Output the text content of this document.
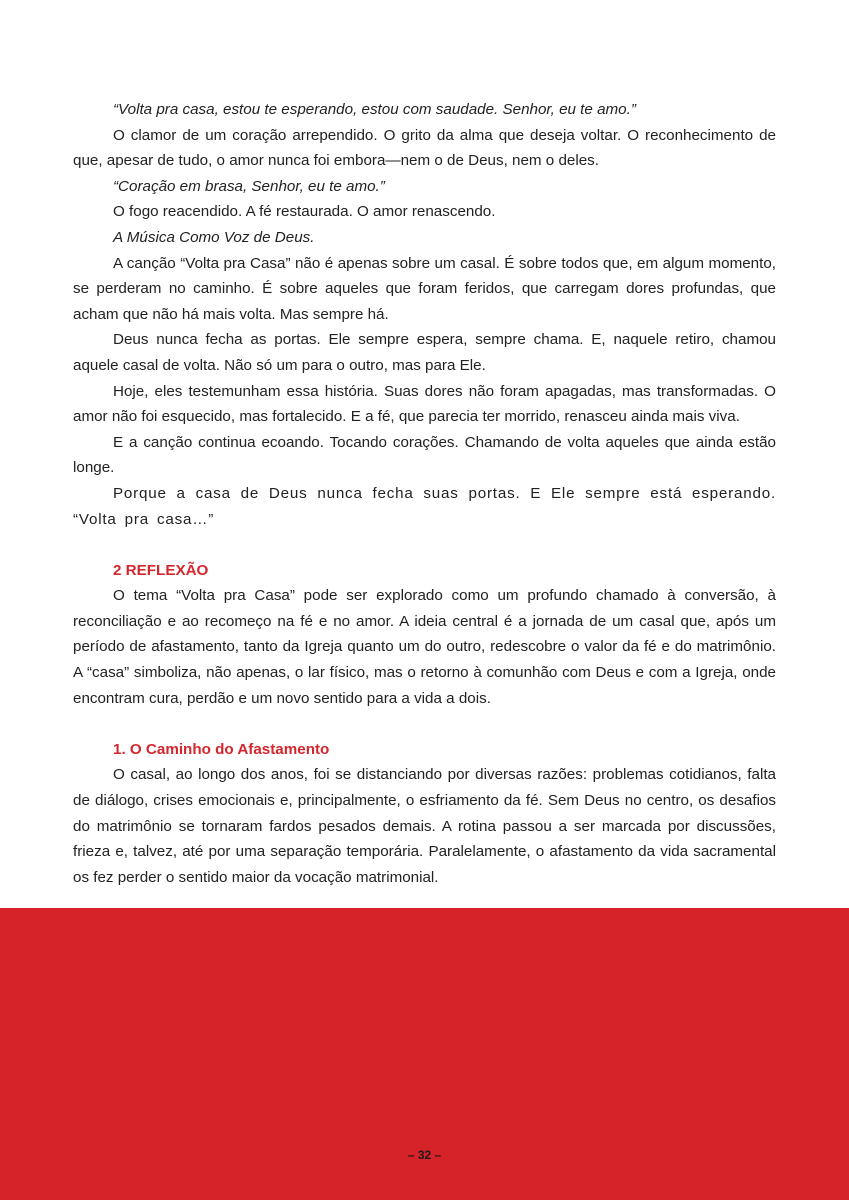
“Volta pra casa, estou te esperando, estou com saudade. Senhor, eu te amo.”

O clamor de um coração arrependido. O grito da alma que deseja voltar. O reconhecimento de que, apesar de tudo, o amor nunca foi embora—nem o de Deus, nem o deles.

“Coração em brasa, Senhor, eu te amo.”

O fogo reacendido. A fé restaurada. O amor renascendo.

A Música Como Voz de Deus.

A canção “Volta pra Casa” não é apenas sobre um casal. É sobre todos que, em algum momento, se perderam no caminho. É sobre aqueles que foram feridos, que carregam dores profundas, que acham que não há mais volta. Mas sempre há.

Deus nunca fecha as portas. Ele sempre espera, sempre chama. E, naquele retiro, chamou aquele casal de volta. Não só um para o outro, mas para Ele.

Hoje, eles testemunham essa história. Suas dores não foram apagadas, mas transformadas. O amor não foi esquecido, mas fortalecido. E a fé, que parecia ter morrido, renasceu ainda mais viva.

E a canção continua ecoando. Tocando corações. Chamando de volta aqueles que ainda estão longe.

Porque a casa de Deus nunca fecha suas portas. E Ele sempre está esperando. “Volta pra casa…”

2 REFLEXÃO

O tema “Volta pra Casa” pode ser explorado como um profundo chamado à conversão, à reconciliação e ao recomeço na fé e no amor. A ideia central é a jornada de um casal que, após um período de afastamento, tanto da Igreja quanto um do outro, redescobre o valor da fé e do matrimônio. A “casa” simboliza, não apenas, o lar físico, mas o retorno à comunhão com Deus e com a Igreja, onde encontram cura, perdão e um novo sentido para a vida a dois.

1. O Caminho do Afastamento

O casal, ao longo dos anos, foi se distanciando por diversas razões: problemas cotidianos, falta de diálogo, crises emocionais e, principalmente, o esfriamento da fé. Sem Deus no centro, os desafios do matrimônio se tornaram fardos pesados demais. A rotina passou a ser marcada por discussões, frieza e, talvez, até por uma separação temporária. Paralelamente, o afastamento da vida sacramental os fez perder o sentido maior da vocação matrimonial.

– 32 –
